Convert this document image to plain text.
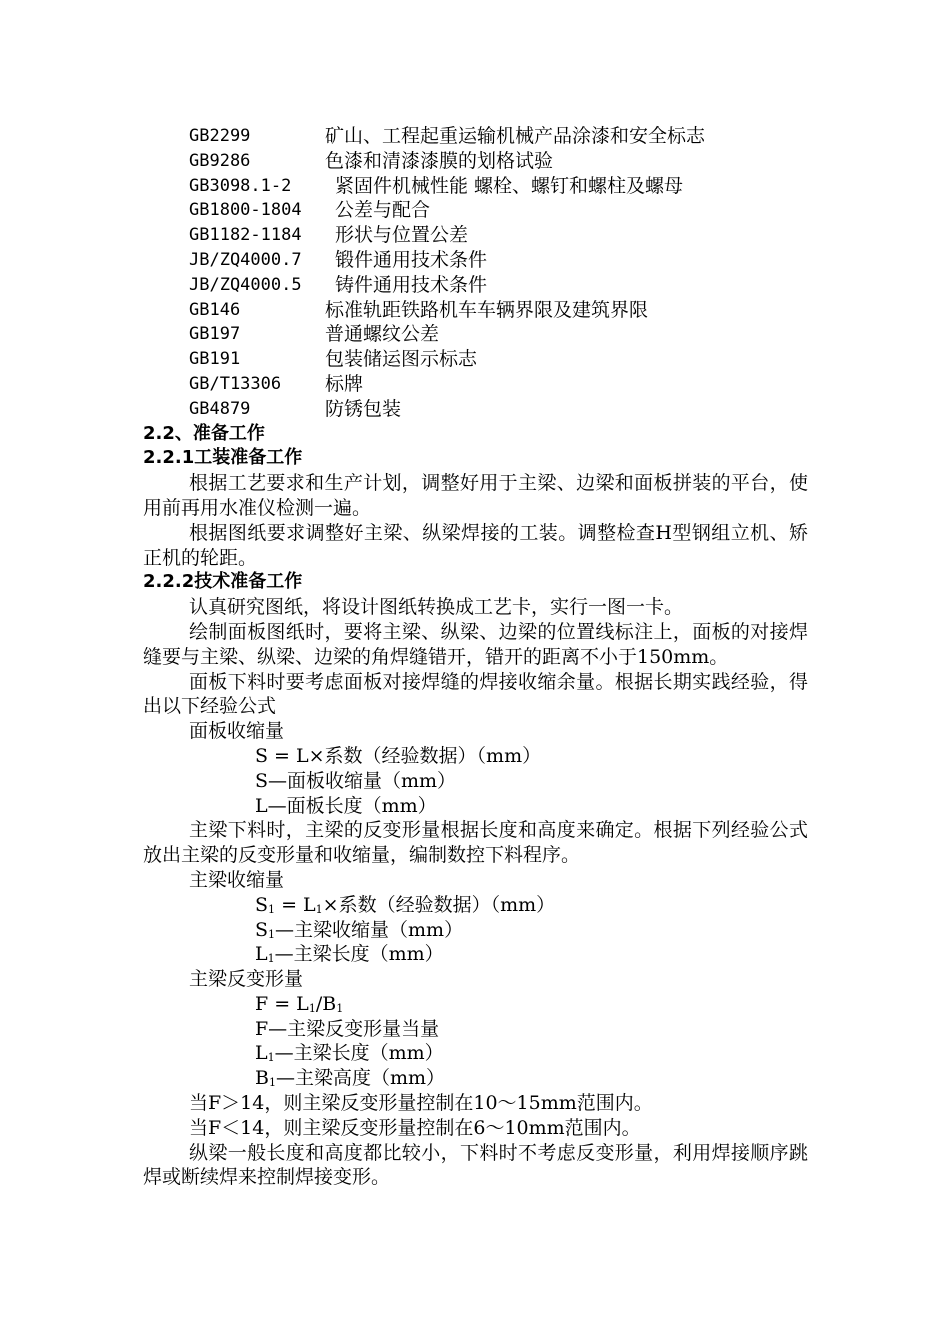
GB2299	矿山、工程起重运输机械产品涂漆和安全标志
GB9286	色漆和清漆漆膜的划格试验
GB3098.1-2	紧固件机械性能 螺栓、螺钉和螺柱及螺母
GB1800-1804	公差与配合
GB1182-1184	形状与位置公差
JB/ZQ4000.7	锻件通用技术条件
JB/ZQ4000.5	铸件通用技术条件
GB146	标准轨距铁路机车车辆界限及建筑界限
GB197	普通螺纹公差
GB191	包装储运图示标志
GB/T13306	标牌
GB4879	防锈包装
2.2、准备工作
2.2.1工装准备工作
根据工艺要求和生产计划，调整好用于主梁、边梁和面板拼装的平台，使用前再用水准仪检测一遍。
根据图纸要求调整好主梁、纵梁焊接的工装。调整检查H型钢组立机、矫正机的轮距。
2.2.2技术准备工作
认真研究图纸，将设计图纸转换成工艺卡，实行一图一卡。
绘制面板图纸时，要将主梁、纵梁、边梁的位置线标注上，面板的对接焊缝要与主梁、纵梁、边梁的角焊缝错开，错开的距离不小于150mm。
面板下料时要考虑面板对接焊缝的焊接收缩余量。根据长期实践经验，得出以下经验公式
面板收缩量
S = L×系数（经验数据）（mm）
S—面板收缩量（mm）
L—面板长度（mm）
主梁下料时，主梁的反变形量根据长度和高度来确定。根据下列经验公式放出主梁的反变形量和收缩量，编制数控下料程序。
主梁收缩量
$S_1 = L_1\times$系数（经验数据）（mm）
$S_1—$主梁收缩量（mm）
$L_1—$主梁长度（mm）
主梁反变形量
$F = L_1/B_1$
F—主梁反变形量当量
$L_1—$主梁长度（mm）
$B_1—$主梁高度（mm）
当F＞14，则主梁反变形量控制在10～15mm范围内。
当F＜14，则主梁反变形量控制在6～10mm范围内。
纵梁一般长度和高度都比较小，下料时不考虑反变形量，利用焊接顺序跳焊或断续焊来控制焊接变形。
